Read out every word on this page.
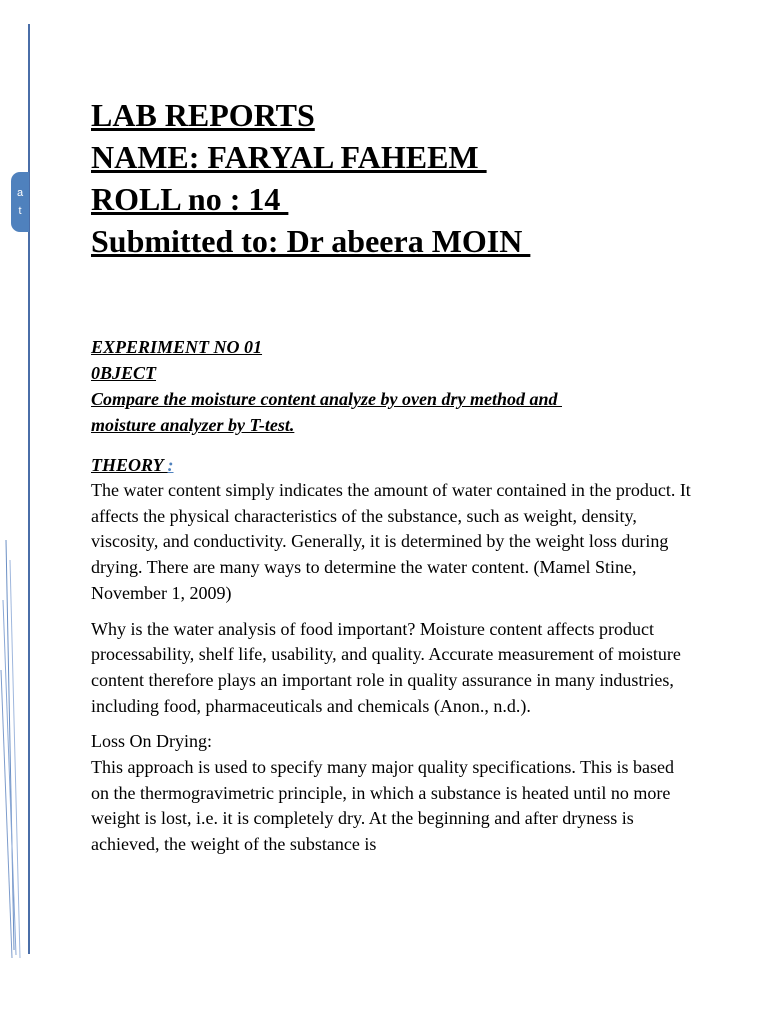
a
t
LAB REPORTS
NAME: FARYAL FAHEEM
ROLL no : 14
Submitted to: Dr abeera MOIN
EXPERIMENT NO 01
0BJECT
Compare the moisture content analyze by oven dry method and
moisture analyzer by T-test.
THEORY :

The water content simply indicates the amount of water contained in the product. It affects the physical characteristics of the substance, such as weight, density, viscosity, and conductivity. Generally, it is determined by the weight loss during drying. There are many ways to determine the water content. (Mamel Stine, November 1, 2009)

Why is the water analysis of food important? Moisture content affects product processability, shelf life, usability, and quality. Accurate measurement of moisture content therefore plays an important role in quality assurance in many industries, including food, pharmaceuticals and chemicals (Anon., n.d.).

Loss On Drying:

This approach is used to specify many major quality specifications. This is based on the thermogravimetric principle, in which a substance is heated until no more weight is lost, i.e. it is completely dry. At the beginning and after dryness is achieved, the weight of the substance is
